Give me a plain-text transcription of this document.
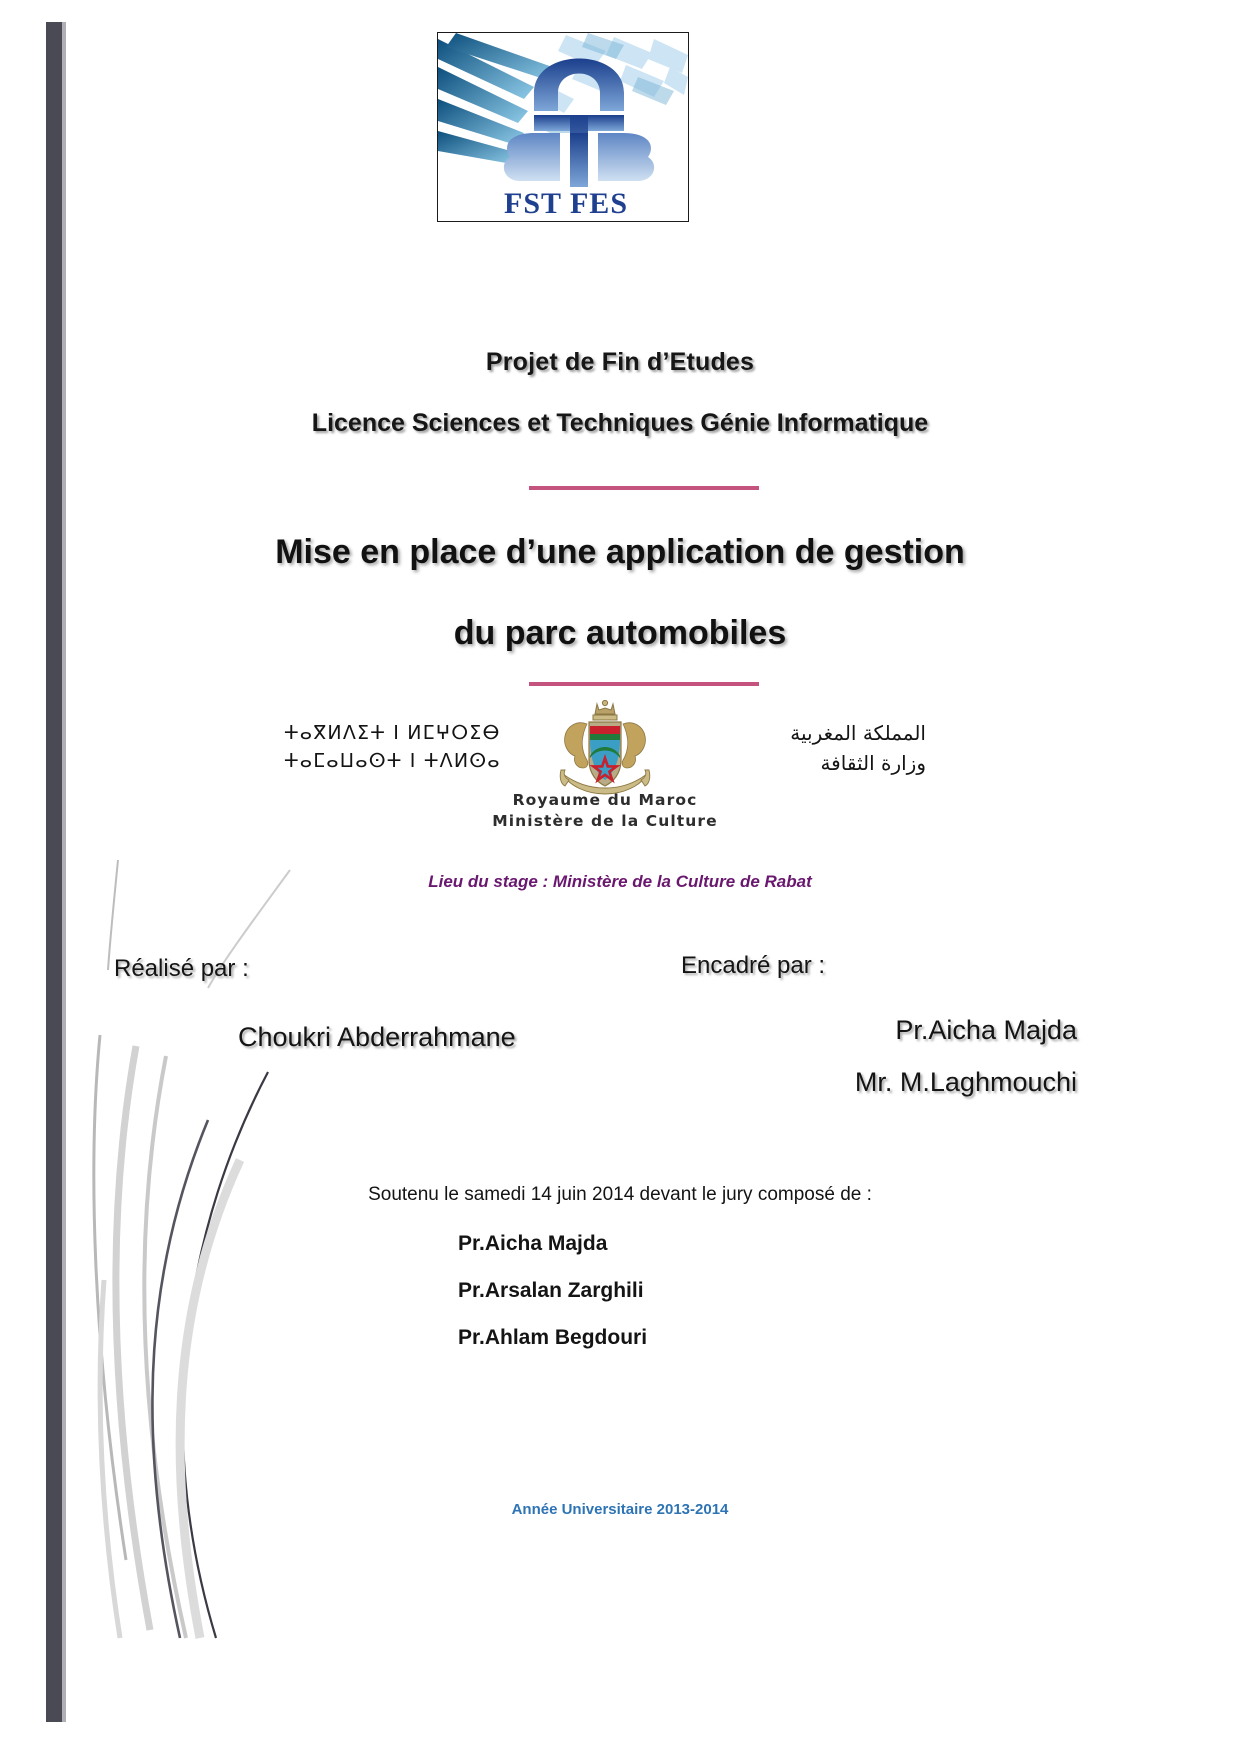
FST FES
Projet de Fin d’Etudes
Licence Sciences et Techniques Génie Informatique
Mise en place d’une application de gestion
du parc automobiles
ⵜⴰⴳⵍⴷⵉⵜ ⵏ ⵍⵎⵖⵔⵉⴱ
ⵜⴰⵎⴰⵡⴰⵙⵜ ⵏ ⵜⴷⵍⵙⴰ
المملكة المغربية
وزارة الثقافة
Royaume du Maroc
Ministère de la Culture
Lieu du stage : Ministère de la Culture de Rabat
Réalisé par :
Choukri Abderrahmane
Encadré par :
Pr.Aicha Majda
Mr. M.Laghmouchi
Soutenu le samedi 14 juin 2014 devant le jury composé de :
Pr.Aicha Majda
Pr.Arsalan Zarghili
Pr.Ahlam Begdouri
Année Universitaire 2013-2014
